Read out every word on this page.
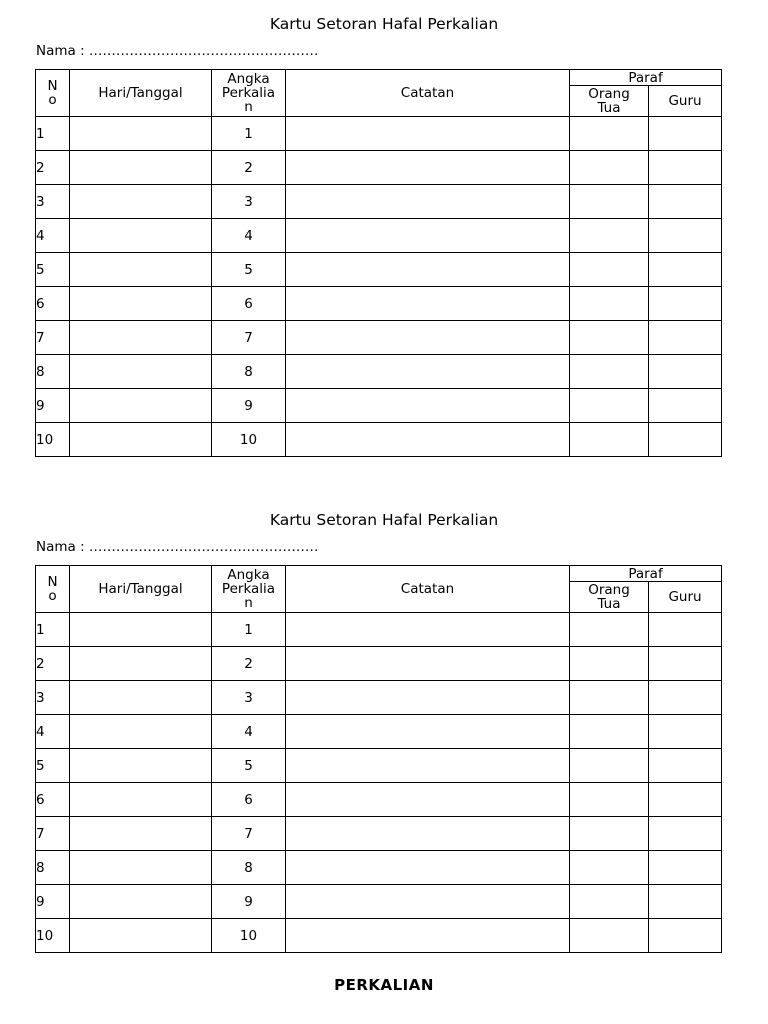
Kartu Setoran Hafal Perkalian
Nama : ……………………………………………
N o	Hari/Tanggal	Angka Perkalia n	Catatan	Paraf	
				Orang Tua	Guru
1		1			
2		2			
3		3			
4		4			
5		5			
6		6			
7		7			
8		8			
9		9			
10		10			
Kartu Setoran Hafal Perkalian
Nama : ……………………………………………
N o	Hari/Tanggal	Angka Perkalia n	Catatan	Paraf	
				Orang Tua	Guru
1		1			
2		2			
3		3			
4		4			
5		5			
6		6			
7		7			
8		8			
9		9			
10		10			
PERKALIAN
